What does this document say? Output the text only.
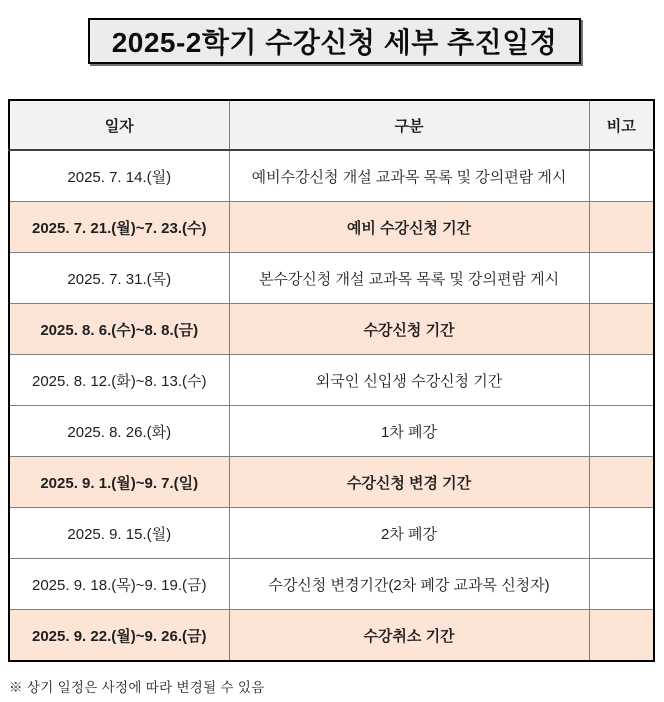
2025-2학기 수강신청 세부 추진일정
일자	구분	비고
2025. 7. 14.(월)	예비수강신청 개설 교과목 목록 및 강의편람 게시	
2025. 7. 21.(월)~7. 23.(수)	예비 수강신청 기간	
2025. 7. 31.(목)	본수강신청 개설 교과목 목록 및 강의편람 게시	
2025. 8. 6.(수)~8. 8.(금)	수강신청 기간	
2025. 8. 12.(화)~8. 13.(수)	외국인 신입생 수강신청 기간	
2025. 8. 26.(화)	1차 폐강	
2025. 9. 1.(월)~9. 7.(일)	수강신청 변경 기간	
2025. 9. 15.(월)	2차 폐강	
2025. 9. 18.(목)~9. 19.(금)	수강신청 변경기간(2차 폐강 교과목 신청자)	
2025. 9. 22.(월)~9. 26.(금)	수강취소 기간	
※ 상기 일정은 사정에 따라 변경될 수 있음
